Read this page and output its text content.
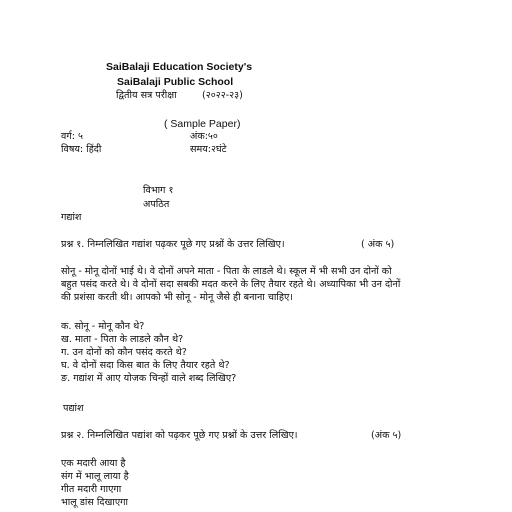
SaiBalaji Education Society's
SaiBalaji Public School
द्वितीय सत्र परीक्षा	(२०२२-२३)
( Sample Paper)
वर्ग: ५	अंक:५०
विषय: हिंदी	समय:२घंटे
विभाग १
अपठित
गद्यांश
प्रश्न १. निम्नलिखित गद्यांश पढ़कर पूछे गए प्रश्नों के उत्तर लिखिए।	( अंक ५)
सोनू - मोनू दोनों भाई थे। वे दोनों अपने माता - पिता के लाडले थे। स्कूल में भी सभी उन दोनों को
बहुत पसंद करते थे। वे दोनों सदा सबकी मदत करने के लिए तैयार रहते थे। अध्यापिका भी उन दोनों
की प्रशंसा करती थी। आपको भी सोनू - मोनू जैसे ही बनाना चाहिए।
क. सोनू - मोनू कौन थे?
ख. माता - पिता के लाडले कौन थे?
ग. उन दोनों को कौन पसंद करते थे?
घ. वे दोनों सदा किस बात के लिए तैयार रहते थे?
ङ. गद्यांश में आए योजक चिन्हों वाले शब्द लिखिए?
पद्यांश
प्रश्न २. निम्नलिखित पद्यांश को पढ़कर पूछे गए प्रश्नों के उत्तर लिखिए।	(अंक ५)
एक मदारी आया है
संग में भालू लाया है
गीत मदारी गाएगा
भालू डांस दिखाएगा
